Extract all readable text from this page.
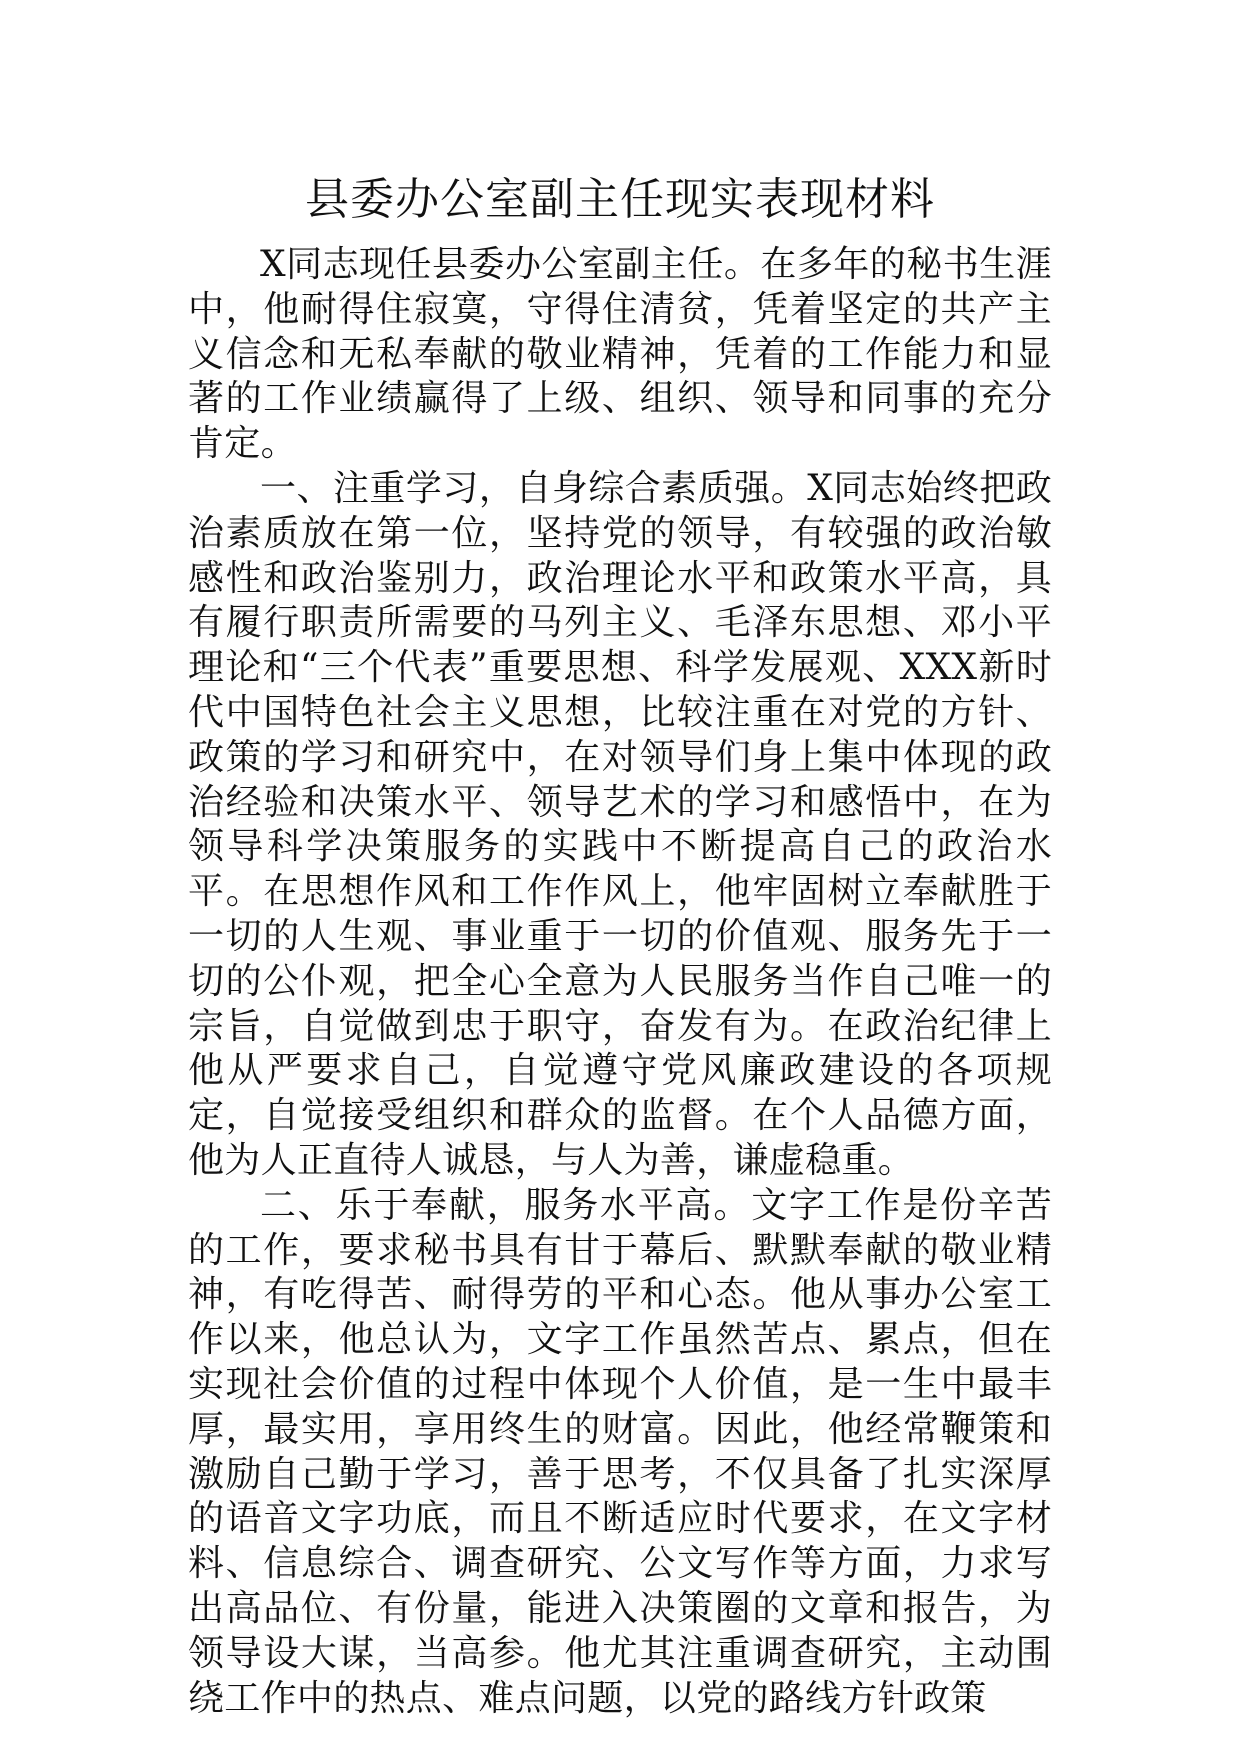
县委办公室副主任现实表现材料

X同志现任县委办公室副主任。在多年的秘书生涯中，他耐得住寂寞，守得住清贫，凭着坚定的共产主义信念和无私奉献的敬业精神，凭着的工作能力和显著的工作业绩赢得了上级、组织、领导和同事的充分肯定。

一、注重学习，自身综合素质强。X同志始终把政治素质放在第一位，坚持党的领导，有较强的政治敏感性和政治鉴别力，政治理论水平和政策水平高，具有履行职责所需要的马列主义、毛泽东思想、邓小平理论和“三个代表”重要思想、科学发展观、XXX新时代中国特色社会主义思想，比较注重在对党的方针、政策的学习和研究中，在对领导们身上集中体现的政治经验和决策水平、领导艺术的学习和感悟中，在为领导科学决策服务的实践中不断提高自己的政治水平。在思想作风和工作作风上，他牢固树立奉献胜于一切的人生观、事业重于一切的价值观、服务先于一切的公仆观，把全心全意为人民服务当作自己唯一的宗旨，自觉做到忠于职守，奋发有为。在政治纪律上他从严要求自己，自觉遵守党风廉政建设的各项规定，自觉接受组织和群众的监督。在个人品德方面，他为人正直待人诚恳，与人为善，谦虚稳重。

二、乐于奉献，服务水平高。文字工作是份辛苦的工作，要求秘书具有甘于幕后、默默奉献的敬业精神，有吃得苦、耐得劳的平和心态。他从事办公室工作以来，他总认为，文字工作虽然苦点、累点，但在实现社会价值的过程中体现个人价值，是一生中最丰厚，最实用，享用终生的财富。因此，他经常鞭策和激励自己勤于学习，善于思考，不仅具备了扎实深厚的语音文字功底，而且不断适应时代要求，在文字材料、信息综合、调查研究、公文写作等方面，力求写出高品位、有份量，能进入决策圈的文章和报告，为领导设大谋，当高参。他尤其注重调查研究，主动围绕工作中的热点、难点问题，以党的路线方针政策
